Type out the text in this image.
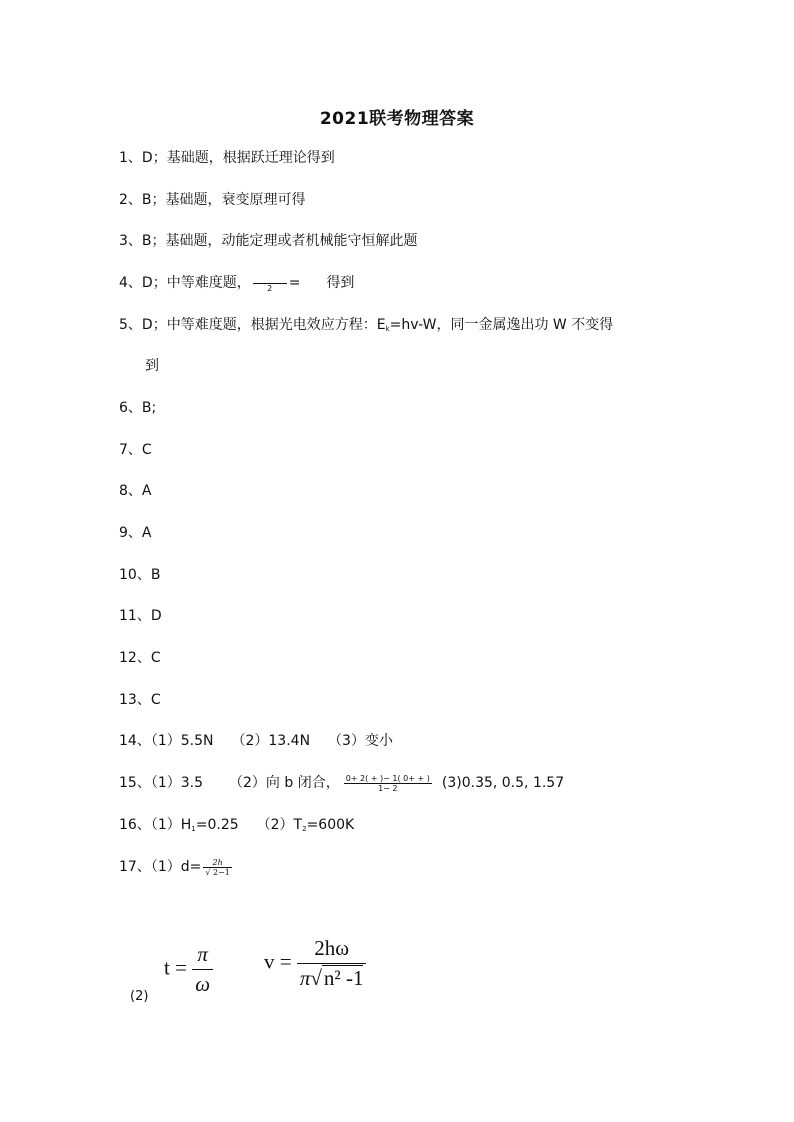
2021联考物理答案
1、D；基础题，根据跃迁理论得到
2、B；基础题，衰变原理可得
3、B；基础题，动能定理或者机械能守恒解此题
4、D；中等难度题，
	2	= 得到
5、D；中等难度题，根据光电效应方程：$E_k=hv-W$，同一金属逸出功 W 不变得
到
6、B;
7、C
8、A
9、A
10、B
11、D
12、C
13、C
14、（1）5.5N （2）13.4N （3）变小
15、（1）3.5 （2）向 b 闭合， $\frac{0+ 2( + )- 1( 0+ + )}{1- 2} (3)0.35$, 0.5, 1.57
16、$(1)H_1=0.25$ $(2)T_2=600K$
17、$(1)d= \frac{\text{2ℎ}}{√ 2-1}$
(2)
$t = \frac{\pi}{\omega}$ $v = \frac{2h\omega}{\text{π√n² -1}}$
